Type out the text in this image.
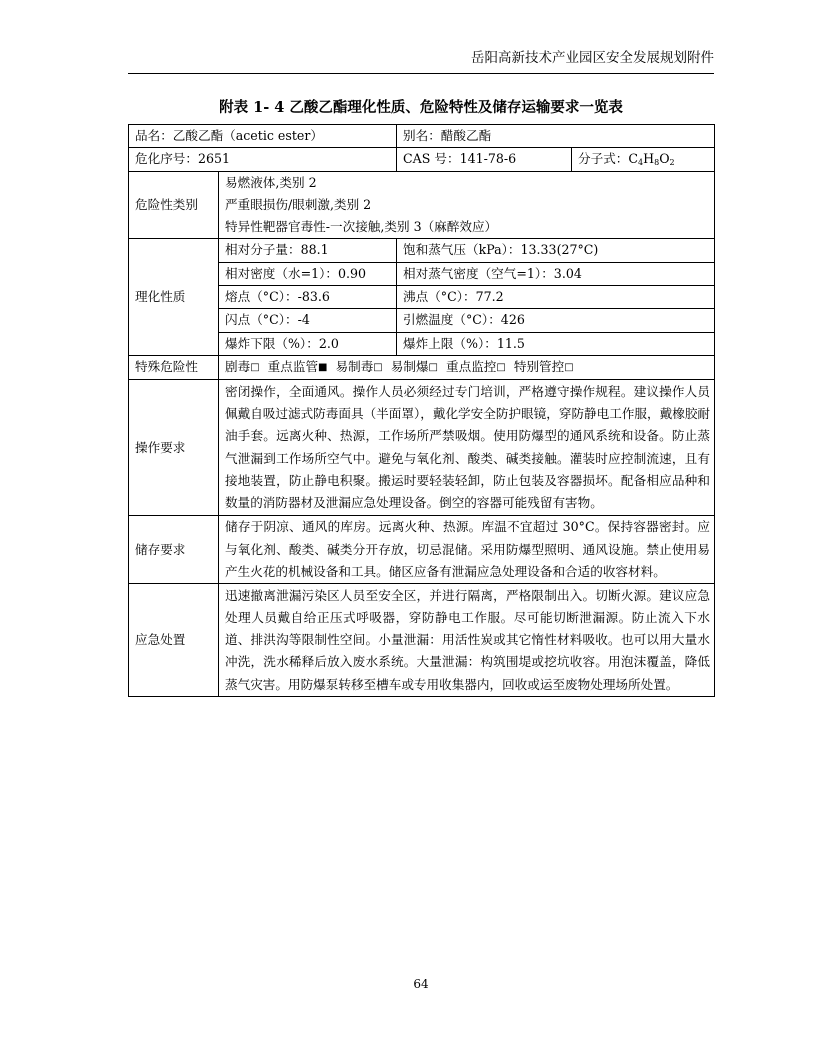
岳阳高新技术产业园区安全发展规划附件
附表 1- 4 乙酸乙酯理化性质、危险特性及储存运输要求一览表
品名：乙酸乙酯（acetic ester）		别名：醋酸乙酯	
危化序号：2651		CAS 号：141-78-6	分子式：$C_4H_8O_2$
危险性类别	易燃液体,类别 2
严重眼损伤/眼刺激,类别 2
特异性靶器官毒性-一次接触,类别 3（麻醉效应）		

理化性质	相对分子量：88.1	饱和蒸气压（kPa）：13.33(27°C)	
	相对密度（水=1）：0.90	相对蒸气密度（空气=1）：3.04	
	熔点（°C）：-83.6	沸点（°C）：77.2	
	闪点（°C）：-4	引燃温度（°C）：426	
	爆炸下限（%）：2.0	爆炸上限（%）：11.5	
特殊危险性	剧毒□ 重点监管■ 易制毒□ 易制爆□ 重点监控□ 特别管控□		
操作要求	密闭操作，全面通风。操作人员必须经过专门培训，严格遵守操作规程。建议操作人员佩戴自吸过滤式防毒面具（半面罩），戴化学安全防护眼镜，穿防静电工作服，戴橡胶耐油手套。远离火种、热源，工作场所严禁吸烟。使用防爆型的通风系统和设备。防止蒸气泄漏到工作场所空气中。避免与氧化剂、酸类、碱类接触。灌装时应控制流速，且有接地装置，防止静电积聚。搬运时要轻装轻卸，防止包装及容器损坏。配备相应品种和数量的消防器材及泄漏应急处理设备。倒空的容器可能残留有害物。		
储存要求	储存于阴凉、通风的库房。远离火种、热源。库温不宜超过 30°C。保持容器密封。应与氧化剂、酸类、碱类分开存放，切忌混储。采用防爆型照明、通风设施。禁止使用易产生火花的机械设备和工具。储区应备有泄漏应急处理设备和合适的收容材料。		
应急处置	迅速撤离泄漏污染区人员至安全区，并进行隔离，严格限制出入。切断火源。建议应急处理人员戴自给正压式呼吸器，穿防静电工作服。尽可能切断泄漏源。防止流入下水道、排洪沟等限制性空间。小量泄漏：用活性炭或其它惰性材料吸收。也可以用大量水冲洗，洗水稀释后放入废水系统。大量泄漏：构筑围堤或挖坑收容。用泡沫覆盖，降低蒸气灾害。用防爆泵转移至槽车或专用收集器内，回收或运至废物处理场所处置。		
64
